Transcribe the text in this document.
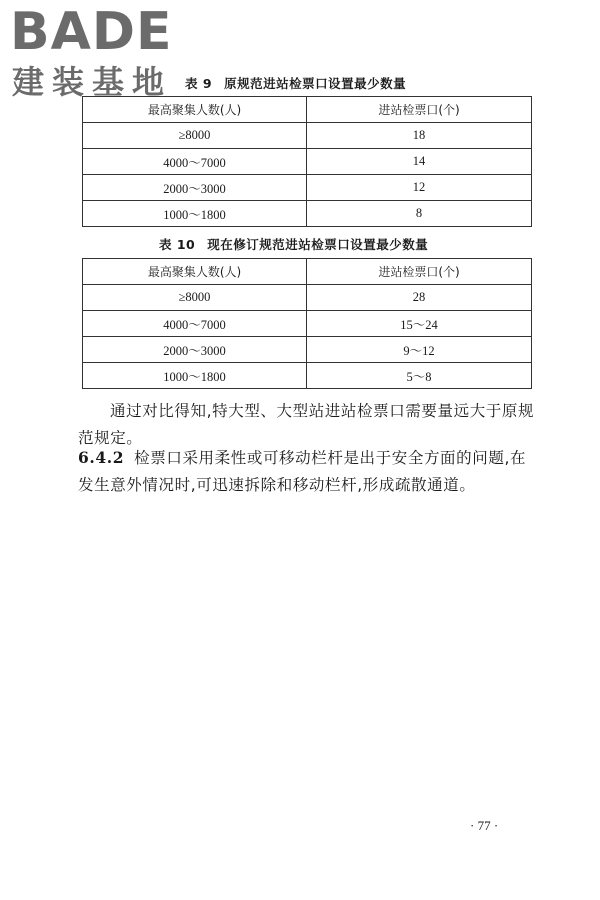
BADE
建装基地 表 9 原规范进站检票口设置最少数量
最高聚集人数(人)	进站检票口(个)
≥8000	18
4000～7000	14
2000～3000	12
1000～1800	8
表 10 现在修订规范进站检票口设置最少数量
最高聚集人数(人)	进站检票口(个)
≥8000	28
4000～7000	15～24
2000～3000	9～12
1000～1800	5～8

通过对比得知,特大型、大型站进站检票口需要量远大于原规范规定。

6.4.2 检票口采用柔性或可移动栏杆是出于安全方面的问题,在发生意外情况时,可迅速拆除和移动栏杆,形成疏散通道。

· 77 ·
